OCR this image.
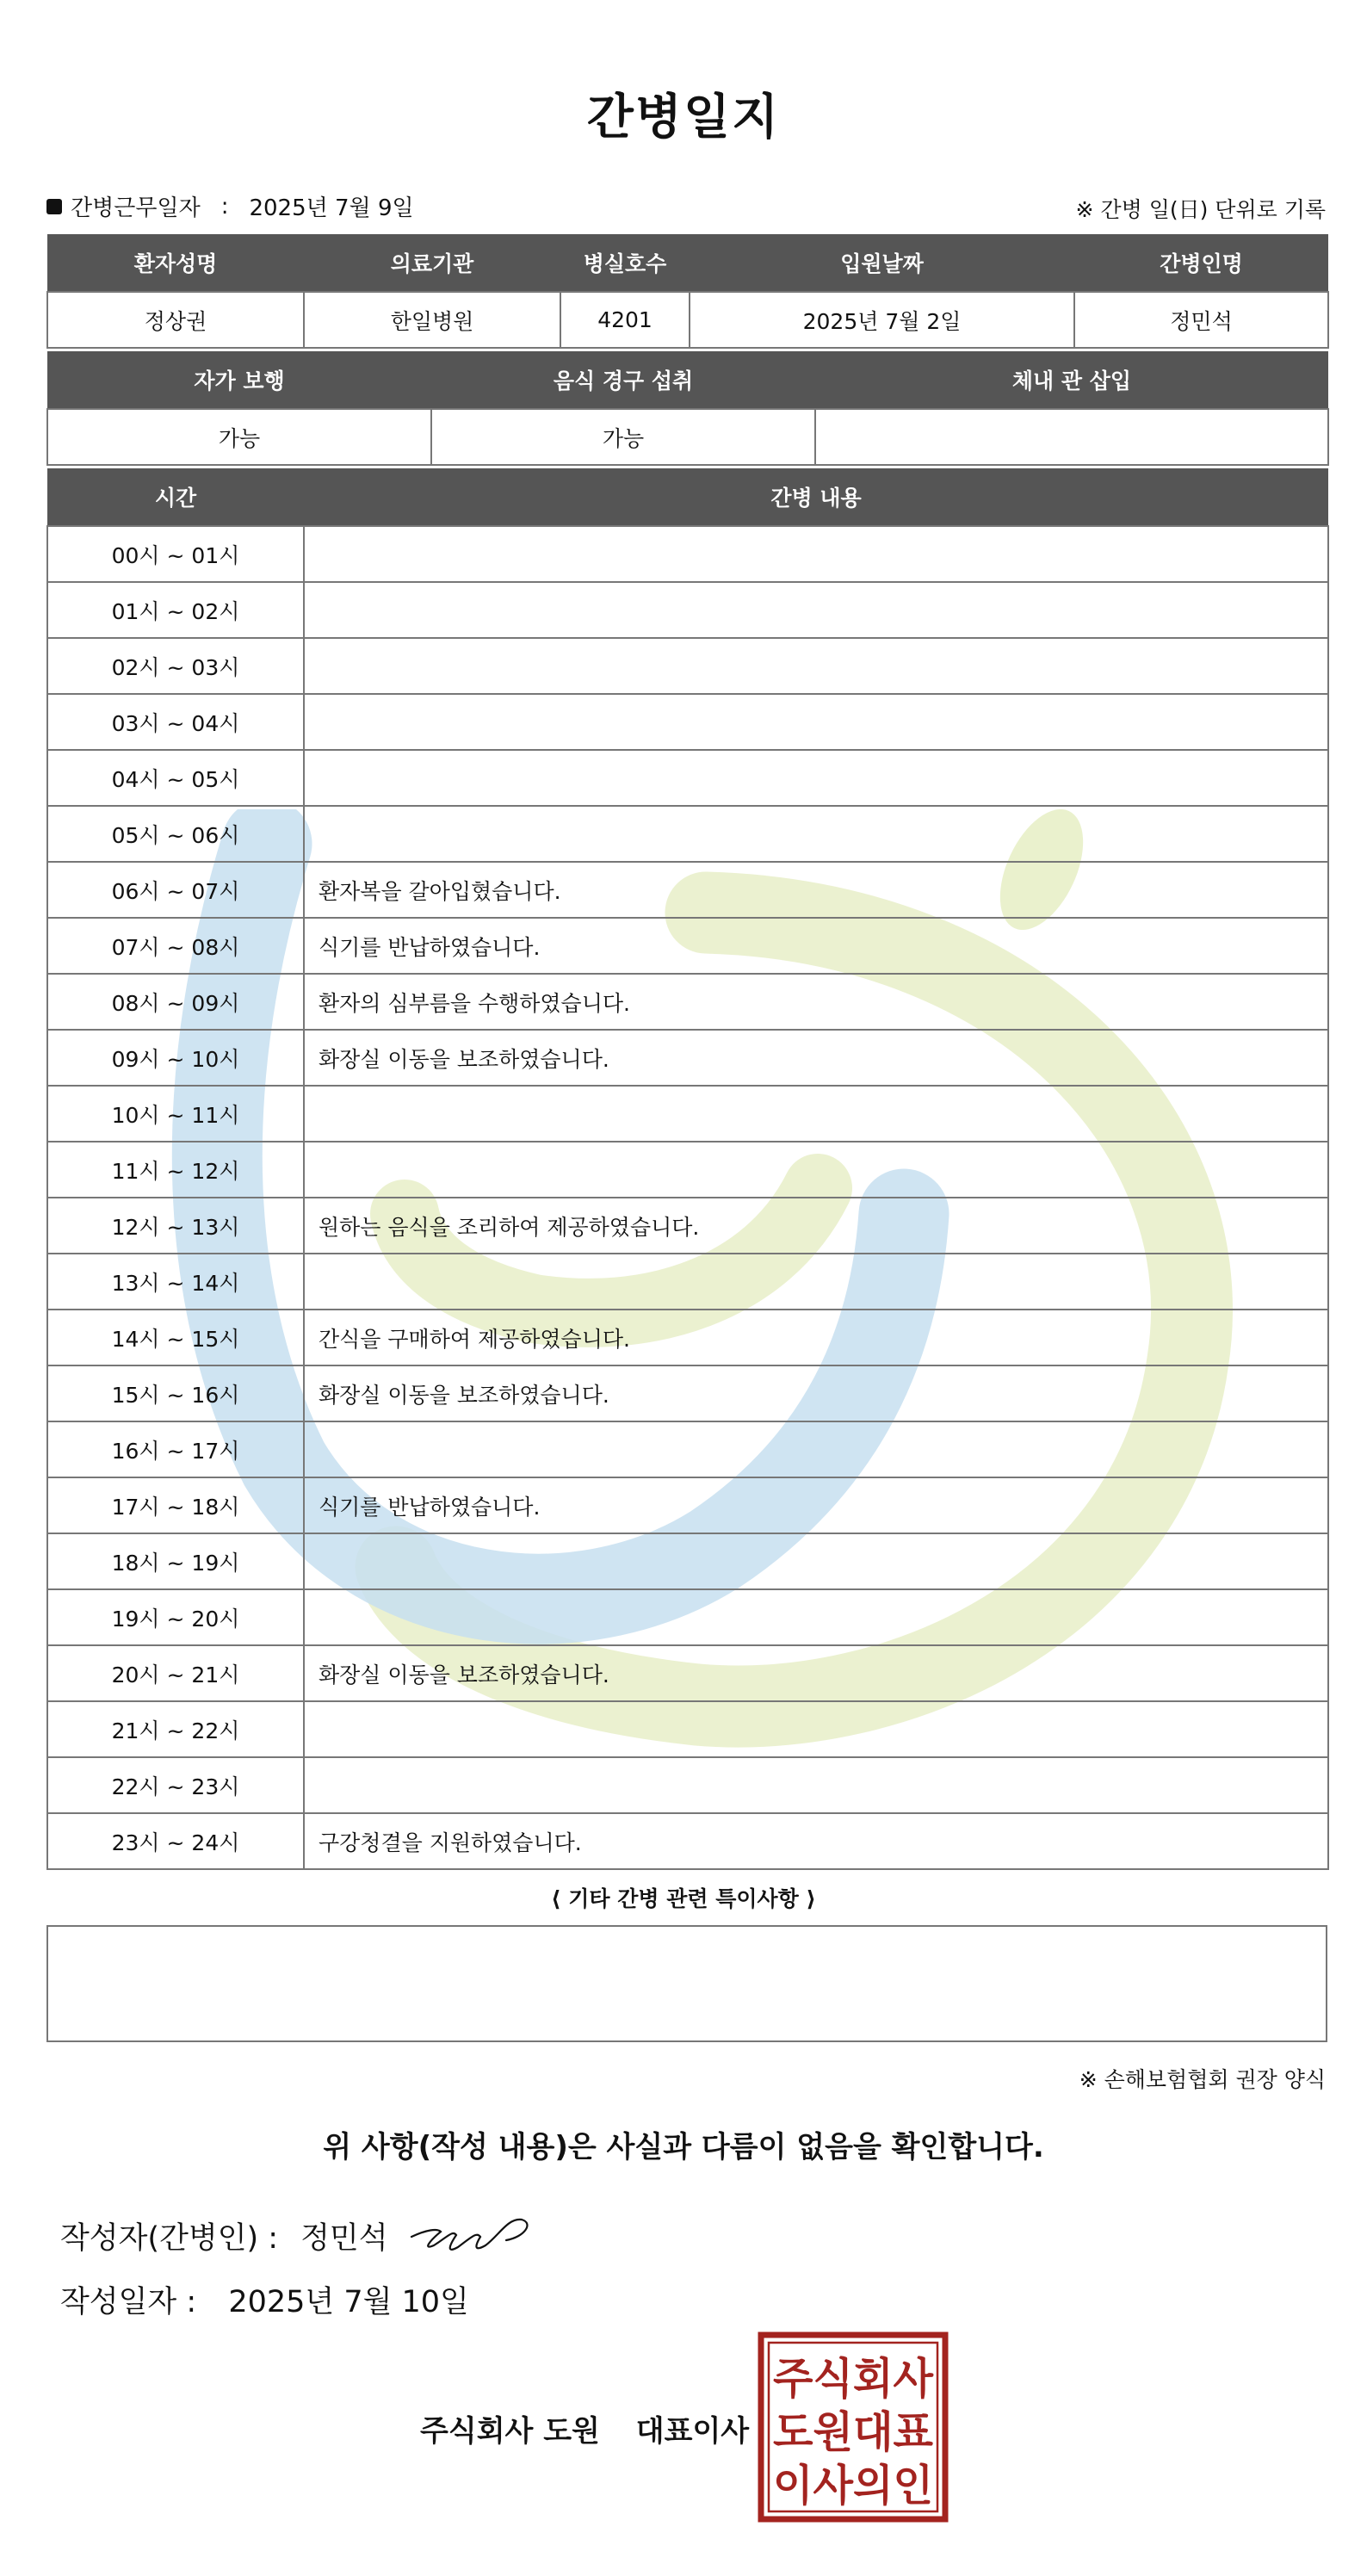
간병일지
간병근무일자 : 2025년 7월 9일	※ 간병 일(日) 단위로 기록
환자성명	의료기관	병실호수	입원날짜	간병인명
정상권	한일병원	4201	2025년 7월 2일	정민석
자가 보행	음식 경구 섭취	체내 관 삽입
가능	가능	
시간	간병 내용
00시 ~ 01시	
01시 ~ 02시	
02시 ~ 03시	
03시 ~ 04시	
04시 ~ 05시	
05시 ~ 06시	
06시 ~ 07시	환자복을 갈아입혔습니다.
07시 ~ 08시	식기를 반납하였습니다.
08시 ~ 09시	환자의 심부름을 수행하였습니다.
09시 ~ 10시	화장실 이동을 보조하였습니다.
10시 ~ 11시	
11시 ~ 12시	
12시 ~ 13시	원하는 음식을 조리하여 제공하였습니다.
13시 ~ 14시	
14시 ~ 15시	간식을 구매하여 제공하였습니다.
15시 ~ 16시	화장실 이동을 보조하였습니다.
16시 ~ 17시	
17시 ~ 18시	식기를 반납하였습니다.
18시 ~ 19시	
19시 ~ 20시	
20시 ~ 21시	화장실 이동을 보조하였습니다.
21시 ~ 22시	
22시 ~ 23시	
23시 ~ 24시	구강청결을 지원하였습니다.
⟨ 기타 간병 관련 특이사항 ⟩
※ 손해보험협회 권장 양식
위 사항(작성 내용)은 사실과 다름이 없음을 확인합니다.
작성자(간병인) : 정민석
작성일자 : 2025년 7월 10일
주식회사 도원 대표이사
주식회사
도원대표
이사의인
